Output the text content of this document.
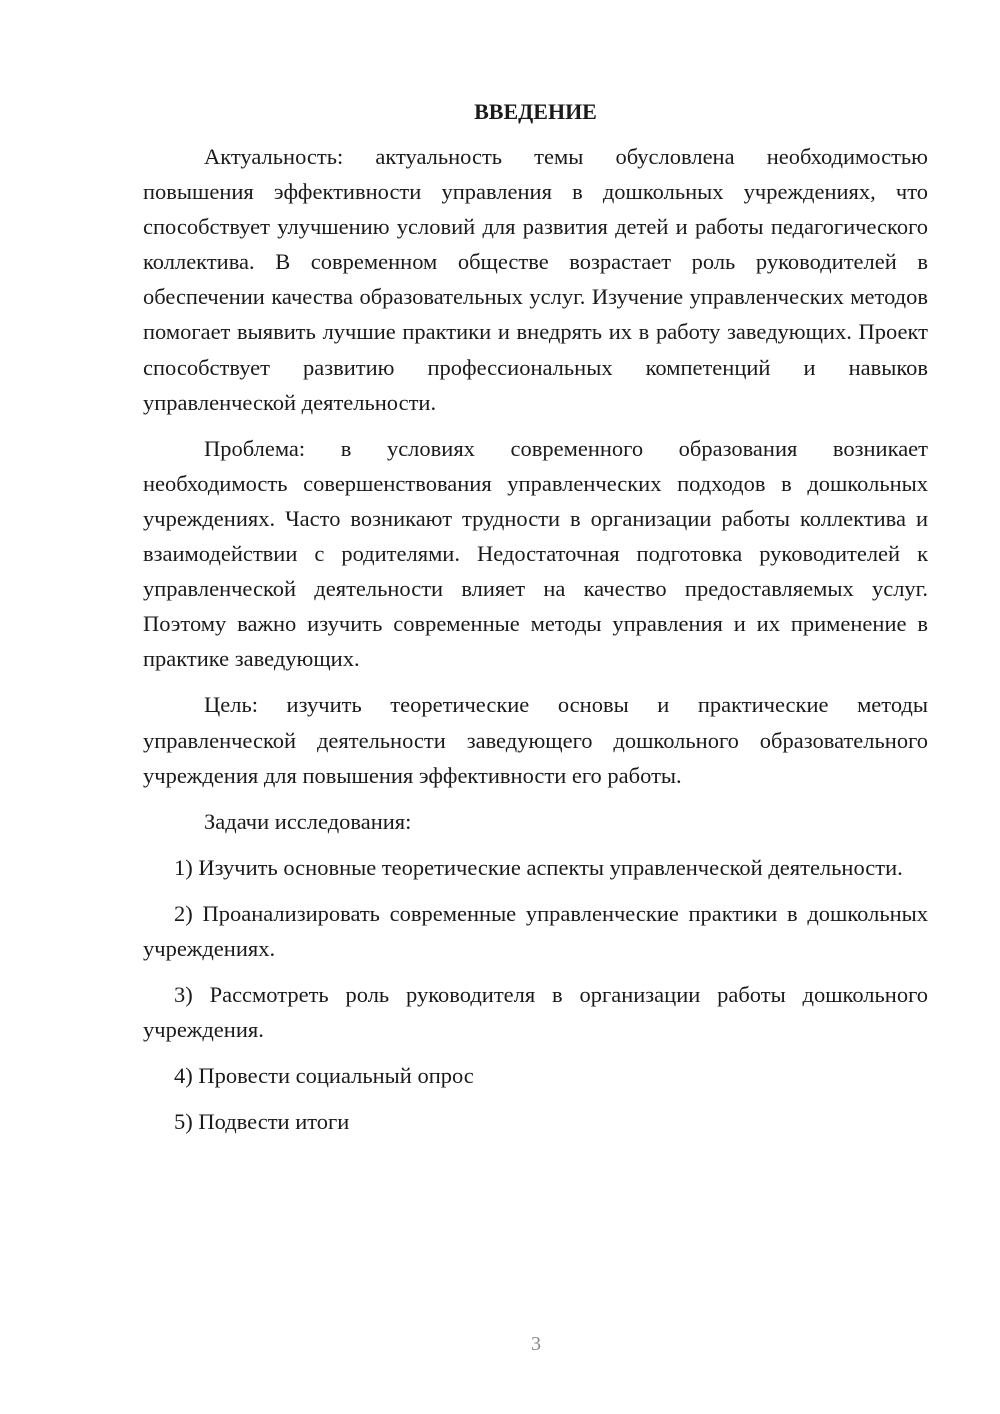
ВВЕДЕНИЕ

Актуальность: актуальность темы обусловлена необходимостью повышения эффективности управления в дошкольных учреждениях, что способствует улучшению условий для развития детей и работы педагогического коллектива. В современном обществе возрастает роль руководителей в обеспечении качества образовательных услуг. Изучение управленческих методов помогает выявить лучшие практики и внедрять их в работу заведующих. Проект способствует развитию профессиональных компетенций и навыков управленческой деятельности.

Проблема: в условиях современного образования возникает необходимость совершенствования управленческих подходов в дошкольных учреждениях. Часто возникают трудности в организации работы коллектива и взаимодействии с родителями. Недостаточная подготовка руководителей к управленческой деятельности влияет на качество предоставляемых услуг. Поэтому важно изучить современные методы управления и их применение в практике заведующих.

Цель: изучить теоретические основы и практические методы управленческой деятельности заведующего дошкольного образовательного учреждения для повышения эффективности его работы.

Задачи исследования:

1) Изучить основные теоретические аспекты управленческой деятельности.

2) Проанализировать современные управленческие практики в дошкольных учреждениях.

3) Рассмотреть роль руководителя в организации работы дошкольного учреждения.

4) Провести социальный опрос

5) Подвести итоги

3
